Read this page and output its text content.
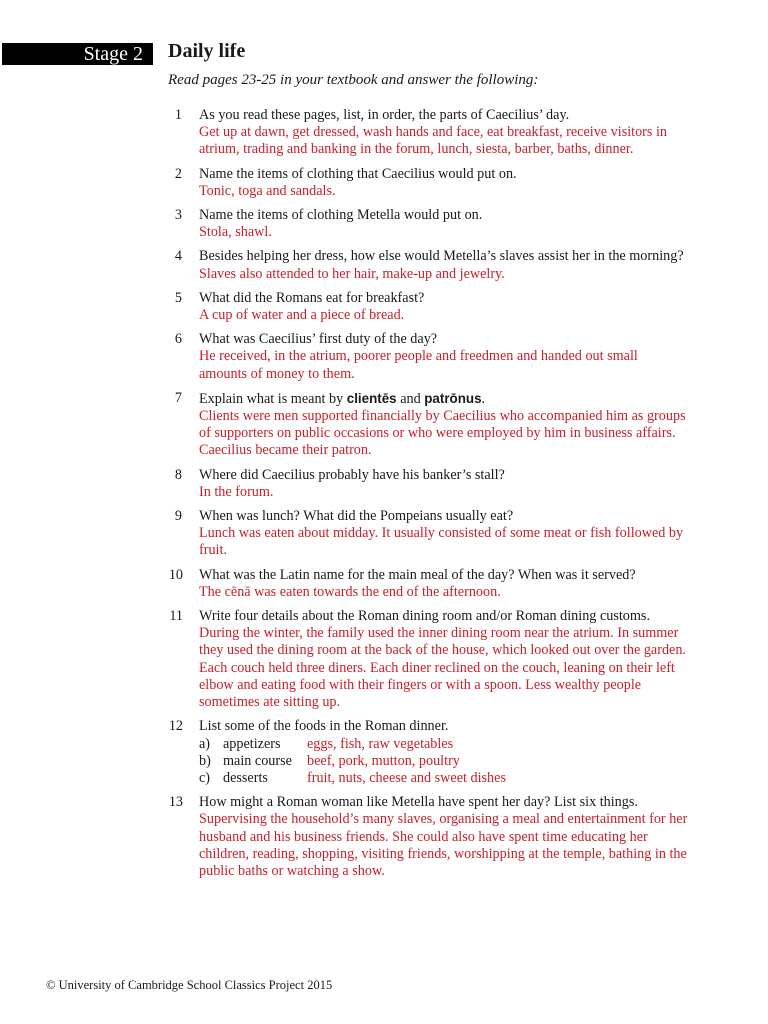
Stage 2	Daily life
Read pages 23-25 in your textbook and answer the following:
1 As you read these pages, list, in order, the parts of Caecilius’ day.
Get up at dawn, get dressed, wash hands and face, eat breakfast, receive visitors in atrium, trading and banking in the forum, lunch, siesta, barber, baths, dinner.
2 Name the items of clothing that Caecilius would put on.
Tonic, toga and sandals.
3 Name the items of clothing Metella would put on.
Stola, shawl.
4 Besides helping her dress, how else would Metella’s slaves assist her in the morning?
Slaves also attended to her hair, make-up and jewelry.
5 What did the Romans eat for breakfast?
A cup of water and a piece of bread.
6 What was Caecilius’ first duty of the day?
He received, in the atrium, poorer people and freedmen and handed out small amounts of money to them.
7 Explain what is meant by clientēs and patrōnus.
Clients were men supported financially by Caecilius who accompanied him as groups of supporters on public occasions or who were employed by him in business affairs. Caecilius became their patron.
8 Where did Caecilius probably have his banker’s stall?
In the forum.
9 When was lunch? What did the Pompeians usually eat?
Lunch was eaten about midday. It usually consisted of some meat or fish followed by fruit.
10 What was the Latin name for the main meal of the day? When was it served?
The cēnā was eaten towards the end of the afternoon.
11 Write four details about the Roman dining room and/or Roman dining customs.
During the winter, the family used the inner dining room near the atrium. In summer they used the dining room at the back of the house, which looked out over the garden. Each couch held three diners. Each diner reclined on the couch, leaning on their left elbow and eating food with their fingers or with a spoon. Less wealthy people sometimes ate sitting up.
12 List some of the foods in the Roman dinner.
a) appetizers	eggs, fish, raw vegetables
b) main course	beef, pork, mutton, poultry
c) desserts	fruit, nuts, cheese and sweet dishes
13 How might a Roman woman like Metella have spent her day? List six things.
Supervising the household’s many slaves, organising a meal and entertainment for her husband and his business friends. She could also have spent time educating her children, reading, shopping, visiting friends, worshipping at the temple, bathing in the public baths or watching a show.
© University of Cambridge School Classics Project 2015
